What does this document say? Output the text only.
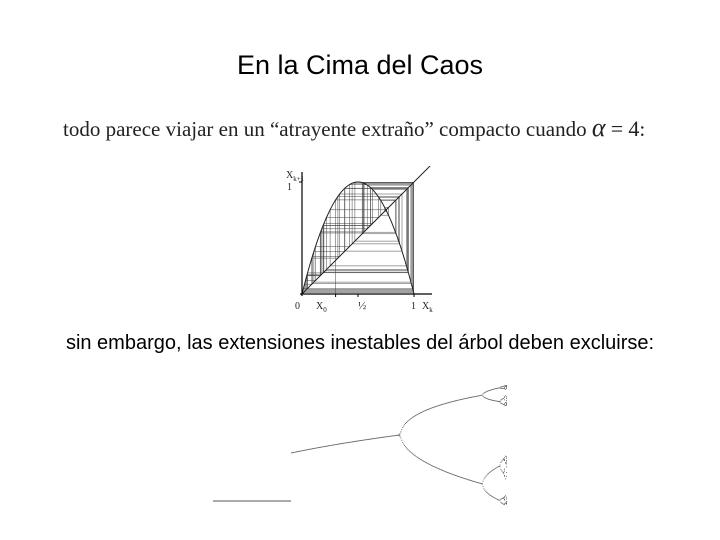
En la Cima del Caos
todo parece viajar en un “atrayente extraño” compacto cuando α = 4:
$X_{k+1}$
1
0 $X_0$	½	1 $X_k$
sin embargo, las extensiones inestables del árbol deben excluirse:
